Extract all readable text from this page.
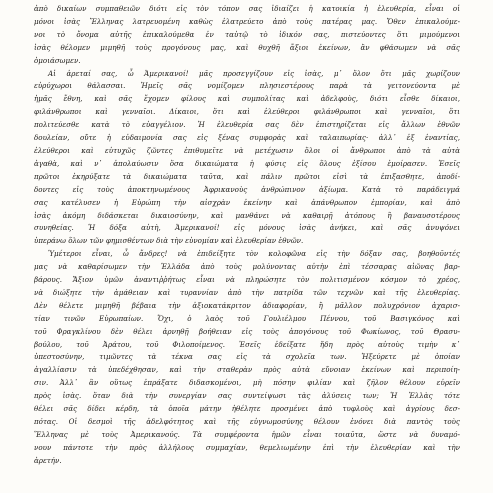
ἀπὸ δικαίων συμπαθειῶν διότι εἰς τὸν τόπον σας ἰδιαίζει ἡ κατοικία ἡ ἐλευθερία, εἶναι οἱ
μόνοι ἰσὰς Ἕλληνας λατρευομένη καθὼς ἐλατρεύετο ἀπὸ τοὺς πατέρας μας. Ὅθεν ἐπικαλούμε-
νοι τὸ ὄνομα αὐτῆς ἐπικαλούμεθα ἐν ταὐτῷ τὸ ἰδικόν σας, πιστεύοντες ὅτι μιμούμενοι
ἰσὰς θέλομεν μιμηθῆ τοὺς προγόνους μας, καὶ θυχθῆ ἄξιοι ἐκείνων, ἂν φθάσωμεν νὰ σᾶς
ὁμοιάσωμεν.
Αἱ ἀρεταί σας, ὦ Ἀμερικανοί! μᾶς προσεγγίζουν εἰς ἰσὰς, μ᾽ ὅλον ὅτι μᾶς χωρίζουν
εὐρύχωροι θάλασσαι. Ἡμεῖς σᾶς νομίζομεν πλησιεστέρους παρὰ τὰ γειτονεύοντα μὲ
ἡμᾶς ἔθνη, καὶ σᾶς ἔχομεν φίλους καὶ συμπολίτας καὶ ἀδελφοὺς, διότι εἶσθε δίκαιοι,
φιλάνθρωποι καὶ γενναῖοι. Δίκαιοι, ὅτι καὶ ἐλεύθεροι φιλάνθρωποι καὶ γενναῖοι, ὅτι
πολιτεύεσθε κατὰ τὸ εὐαγγέλιον. Ἡ ἐλευθερία σας δὲν ἐπιστηρίζεται εἰς ἄλλων ἐθνῶν
δουλείαν, οὔτε ἡ εὐδαιμονία σας εἰς ξένας συμφορὰς καὶ ταλαιπωρίας· ἀλλ᾽ ἐξ ἐναντίας,
ἐλεύθεροι καὶ εὐτυχῶς ζῶντες ἐπιθυμεῖτε νὰ μετέχωσιν ὅλοι οἱ ἄνθρωποι ἀπὸ τὰ αὐτὰ
ἀγαθὰ, καὶ ν᾽ ἀπολαύωσιν ὅσα δικαιώματα ἡ φύσις εἰς ὅλους ἐξίσου ἐμοίρασεν. Ἐσεῖς
πρῶτοι ἐκηρύξατε τὰ δικαιώματα ταῦτα, καὶ πάλιν πρῶτοι εἰσὶ τὰ ἐπιξασθητε, ἀποδί-
δοντες εἰς τοὺς ἀποκτηνωμένους Ἀφρικανοὺς ἀνθρώπινον ἀξίωμα. Κατὰ τὸ παράδειγμά
σας κατέλυσεν ἡ Εὐρώπη τὴν αἰσχρὰν ἐκείνην καὶ ἀπάνθρωπον ἐμπορίαν, καὶ ἀπὸ
ἰσὰς ἀκόμη διδάσκεται δικαιοσύνην, καὶ μανθάνει νὰ καθαιρῇ ἀτόπους ἢ βαναυσοτέρους
συνηθείας. Ἡ δόξα αὐτὴ, Ἀμερικανοί! εἰς μόνους ἰσὰς ἀνήκει, καὶ σᾶς ἀνυψόνει
ὑπεράνω ὅλων τῶν φημισθέντων διὰ τὴν εὐνομίαν καὶ ἐλευθερίαν ἐθνῶν.
Ὑμέτεροι εἶναι, ὦ ἄνδρες! νὰ ἐπιδείξητε τὸν κολοφῶνα εἰς τὴν δόξαν σας, βοηθοῦντές
μας νὰ καθαρίσωμεν τὴν Ἑλλάδα ἀπὸ τοὺς μολύνοντας αὐτὴν ἐπὶ τέσσαρας αἰῶνας βαρ-
βάρους. Ἄξιον ὑμῶν ἀναντιῤῥήτως εἶναι νὰ πληρώσητε τὸν πολιτισμένον κόσμον τὸ χρέος,
νὰ διώξητε τὴν ἀμάθειαν καὶ τυραννίαν ἀπὸ τὴν πατρίδα τῶν τεχνῶν καὶ τῆς ἐλευθερίας.
Δὲν θέλετε μιμηθῆ βέβαια τὴν ἀξιοκατάκριτον ἀδιαφορίαν, ἢ μᾶλλον πολυχρόνιον ἀχαρισ-
τίαν τινῶν Εὐρωπαίων. Ὄχι, ὁ λαὸς τοῦ Γουλιέλμου Πέννου, τοῦ Βασιγκόνος καὶ
τοῦ Φραγκλίνου δὲν θέλει ἀρνηθῇ βοήθειαν εἰς τοὺς ἀπογόνους τοῦ Φωκίωνος, τοῦ Θρασυ-
βούλου, τοῦ Ἀράτου, τοῦ Φιλοποίμενος. Ἐσεῖς ἐδείξατε ἤδη πρὸς αὐτοὺς τιμὴν κ᾽
ὑπεστοσύνην, τιμῶντες τὰ τέκνα σας εἰς τὰ σχολεῖα των. Ἠξεύρετε μὲ ὁποίαν
ἀγαλλίασιν τὰ ὑπεδέχθησαν, καὶ τὴν σταθερὰν πρὸς αὐτὰ εὔνοιαν ἐκείνων καὶ περιποίη-
σιν. Ἀλλ᾽ ἂν οὕτως ἐπράξατε διδασκομένοι, μὴ πόσην φιλίαν καὶ ζῆλον θέλουν εὐρεῖν
πρὸς ἰσὰς. ὅταν διὰ τὴν συνεργίαν σας συντείψωσι τὰς ἁλύσεις των; Ἡ Ἑλλὰς τότε
θέλει σᾶς δίδει κέρδη, τὰ ὁποῖα μάτην ἠθέλητε προσμένει ἀπὸ τυφλοὺς καὶ ἀγρίους δεσ-
πότας. Οἱ δεσμοὶ τῆς ἀδελφότητος καὶ τῆς εὐγνωμοσύνης θέλουν ἑνόνει διὰ παντὸς τοὺς
Ἕλληνας μὲ τοὺς Ἀμερικανούς. Τὰ συμφέροντα ἡμῶν εἶναι τοιαῦτα, ὥστε νὰ δυναμό-
νουν πάντοτε τὴν πρὸς ἀλλήλους συμμαχίαν, θεμελιωμένην ἐπὶ τὴν ἐλευθερίαν καὶ τὴν
ἀρετήν.
